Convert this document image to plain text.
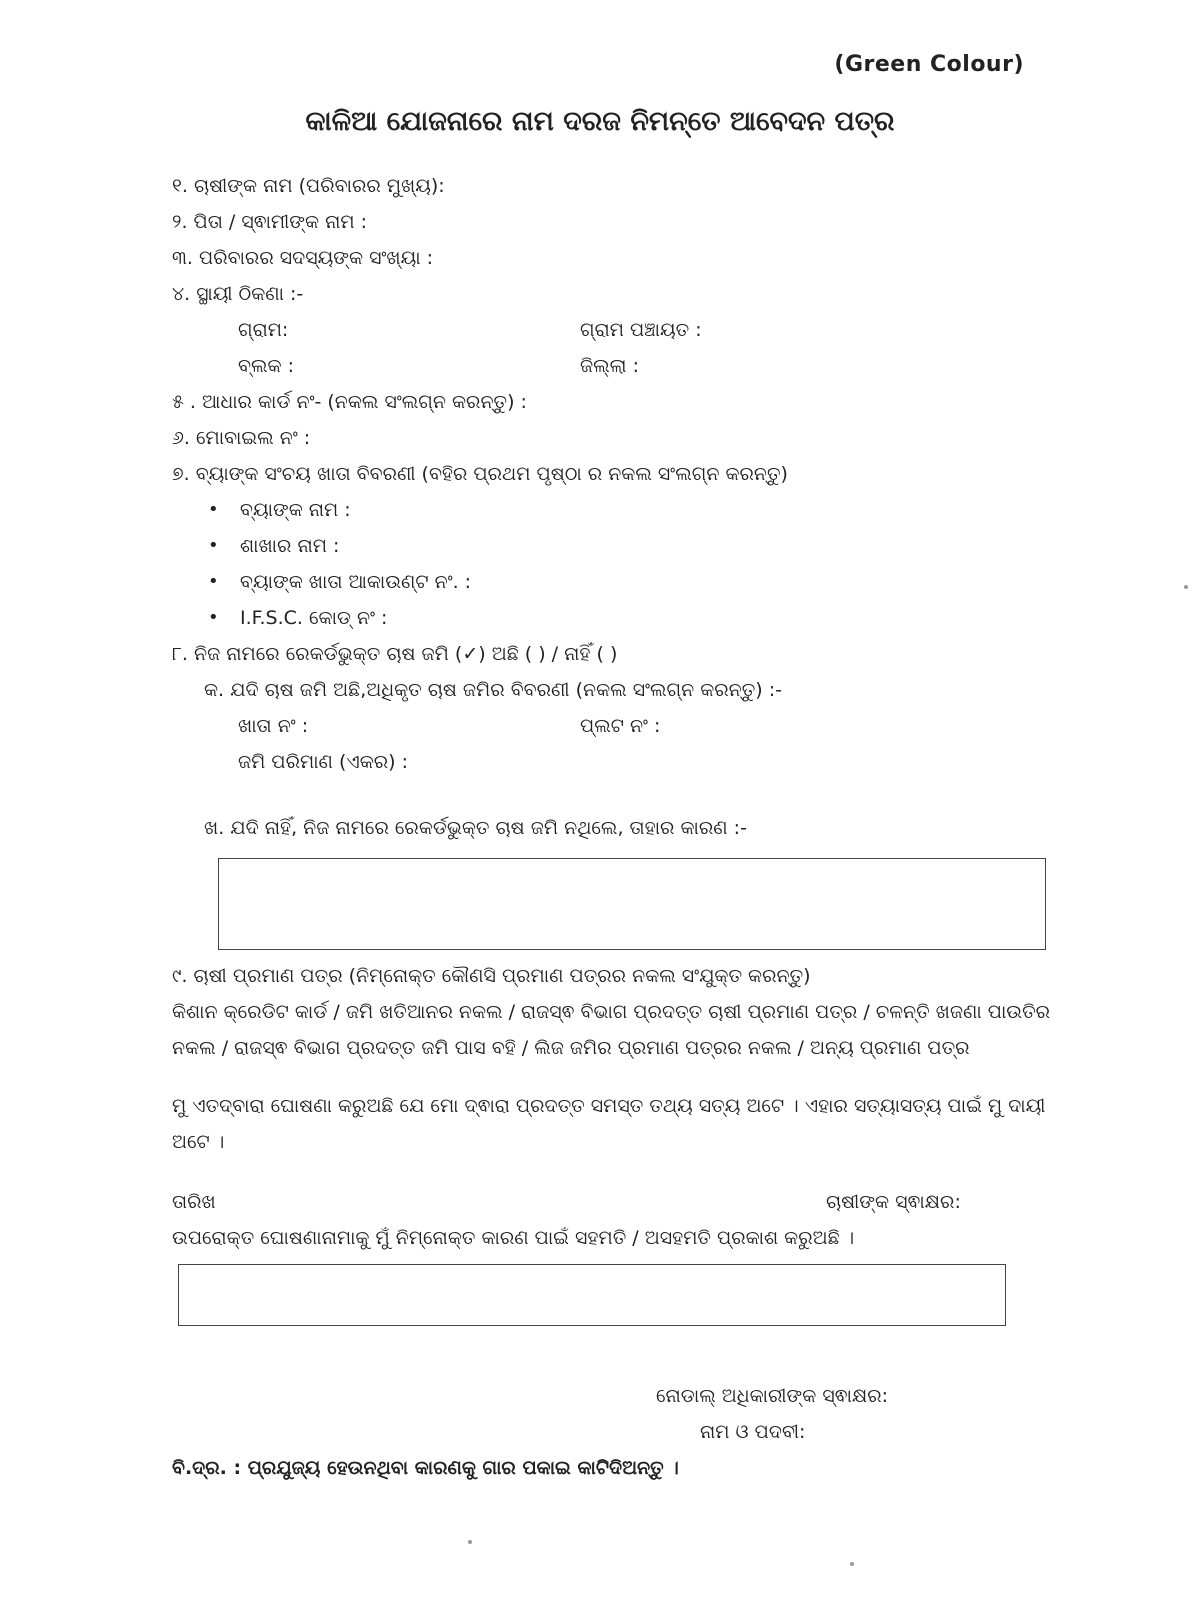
(Green Colour)
କାଳିଆ ଯୋଜନାରେ ନାମ ଦରଜ ନିମନ୍ତେ ଆବେଦନ ପତ୍ର
୧. ଚାଷୀଙ୍କ ନାମ (ପରିବାରର ମୁଖ୍ୟ):
୨. ପିତା / ସ୍ଵାମୀଙ୍କ ନାମ :
୩. ପରିବାରର ସଦସ୍ୟଙ୍କ ସଂଖ୍ୟା :
୪. ସ୍ଥାୟୀ ଠିକଣା :-
ଗ୍ରାମ:	ଗ୍ରାମ ପଞ୍ଚାୟତ :
ବ୍ଲକ :	ଜିଲ୍ଲା :
୫ . ଆଧାର କାର୍ଡ ନଂ- (ନକଲ ସଂଲଗ୍ନ କରନ୍ତୁ) :
୬. ମୋବାଇଲ ନଂ :
୭. ବ୍ୟାଙ୍କ ସଂଚୟ ଖାତା ବିବରଣୀ (ବହିର ପ୍ରଥମ ପୃଷ୍ଠା ର ନକଲ ସଂଲଗ୍ନ କରନ୍ତୁ)
• ବ୍ୟାଙ୍କ ନାମ :
• ଶାଖାର ନାମ :
• ବ୍ୟାଙ୍କ ଖାତା ଆକାଉଣ୍ଟ ନଂ. :
• I.F.S.C. କୋଡ୍ ନଂ :
୮. ନିଜ ନାମରେ ରେକର୍ଡଭୁକ୍ତ ଚାଷ ଜମି (✓) ଅଛି ( ) / ନାହିଁ ( )
କ. ଯଦି ଚାଷ ଜମି ଅଛି,ଅଧିକୃତ ଚାଷ ଜମିର ବିବରଣୀ (ନକଲ ସଂଲଗ୍ନ କରନ୍ତୁ) :-
ଖାତା ନଂ :	ପ୍ଲଟ ନଂ :
ଜମି ପରିମାଣ (ଏକର) :
ଖ. ଯଦି ନାହିଁ, ନିଜ ନାମରେ ରେକର୍ଡଭୁକ୍ତ ଚାଷ ଜମି ନଥିଲେ, ତାହାର କାରଣ :-
୯. ଚାଷୀ ପ୍ରମାଣ ପତ୍ର (ନିମ୍ନୋକ୍ତ କୌଣସି ପ୍ରମାଣ ପତ୍ରର ନକଲ ସଂଯୁକ୍ତ କରନ୍ତୁ)
କିଶାନ କ୍ରେଡିଟ କାର୍ଡ / ଜମି ଖତିଆନର ନକଲ / ରାଜସ୍ଵ ବିଭାଗ ପ୍ରଦତ୍ତ ଚାଷୀ ପ୍ରମାଣ ପତ୍ର / ଚଳନ୍ତି ଖଜଣା ପାଉତିର
ନକଲ / ରାଜସ୍ଵ ବିଭାଗ ପ୍ରଦତ୍ତ ଜମି ପାସ ବହି / ଲିଜ ଜମିର ପ୍ରମାଣ ପତ୍ରର ନକଲ / ଅନ୍ୟ ପ୍ରମାଣ ପତ୍ର
ମୁ ଏତଦ୍ବାରା ଘୋଷଣା କରୁଅଛି ଯେ ମୋ ଦ୍ଵାରା ପ୍ରଦତ୍ତ ସମସ୍ତ ତଥ୍ୟ ସତ୍ୟ ଅଟେ । ଏହାର ସତ୍ୟାସତ୍ୟ ପାଇଁ ମୁ ଦାୟୀ
ଅଟେ ।
ତାରିଖ	ଚାଷୀଙ୍କ ସ୍ଵାକ୍ଷର:
ଉପରୋକ୍ତ ଘୋଷଣାନାମାକୁ ମୁଁ ନିମ୍ନୋକ୍ତ କାରଣ ପାଇଁ ସହମତି / ଅସହମତି ପ୍ରକାଶ କରୁଅଛି ।
ନୋଡାଲ୍ ଅଧିକାରୀଙ୍କ ସ୍ଵାକ୍ଷର:
ନାମ ଓ ପଦବୀ:
ବି.ଦ୍ର. : ପ୍ରଯୁଜ୍ୟ ହେଉନଥିବା କାରଣକୁ ଗାର ପକାଇ କାଟିଦିଅନ୍ତୁ ।
